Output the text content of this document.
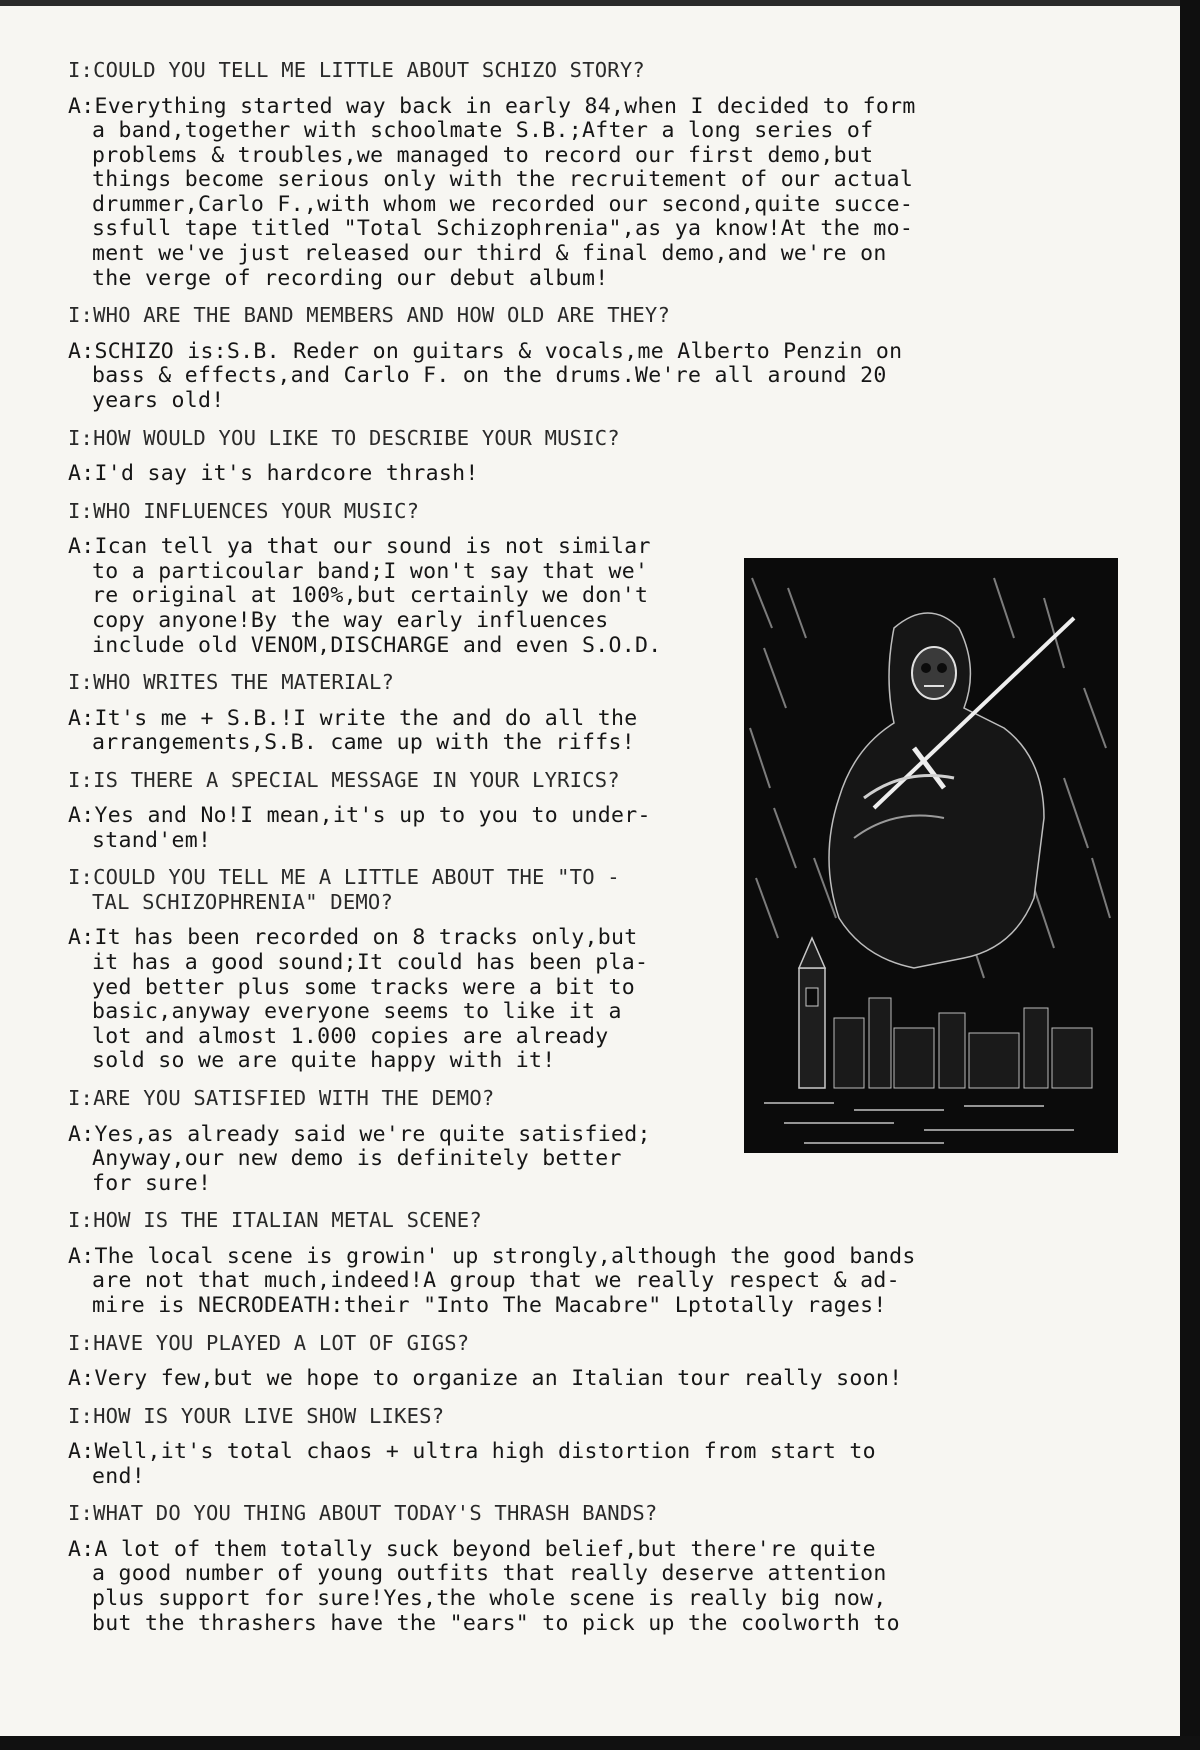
I:COULD YOU TELL ME LITTLE ABOUT SCHIZO STORY?
A:Everything started way back in early 84,when I decided to form
a band,together with schoolmate S.B.;After a long series of
problems & troubles,we managed to record our first demo,but
things become serious only with the recruitement of our actual
drummer,Carlo F.,with whom we recorded our second,quite succe-
ssfull tape titled "Total Schizophrenia",as ya know!At the mo-
ment we've just released our third & final demo,and we're on
the verge of recording our debut album!
I:WHO ARE THE BAND MEMBERS AND HOW OLD ARE THEY?
A:SCHIZO is:S.B. Reder on guitars & vocals,me Alberto Penzin on
bass & effects,and Carlo F. on the drums.We're all around 20
years old!
I:HOW WOULD YOU LIKE TO DESCRIBE YOUR MUSIC?
A:I'd say it's hardcore thrash!
I:WHO INFLUENCES YOUR MUSIC?
A:Ican tell ya that our sound is not similar
to a particoular band;I won't say that we'
re original at 100%,but certainly we don't
copy anyone!By the way early influences
include old VENOM,DISCHARGE and even S.O.D.
I:WHO WRITES THE MATERIAL?
A:It's me + S.B.!I write the and do all the
arrangements,S.B. came up with the riffs!
I:IS THERE A SPECIAL MESSAGE IN YOUR LYRICS?
A:Yes and No!I mean,it's up to you to under-
stand'em!
I:COULD YOU TELL ME A LITTLE ABOUT THE "TO -
TAL SCHIZOPHRENIA" DEMO?
A:It has been recorded on 8 tracks only,but
it has a good sound;It could has been pla-
yed better plus some tracks were a bit to
basic,anyway everyone seems to like it a
lot and almost 1.000 copies are already
sold so we are quite happy with it!
I:ARE YOU SATISFIED WITH THE DEMO?
A:Yes,as already said we're quite satisfied;
Anyway,our new demo is definitely better
for sure!
I:HOW IS THE ITALIAN METAL SCENE?
A:The local scene is growin' up strongly,although the good bands
are not that much,indeed!A group that we really respect & ad-
mire is NECRODEATH:their "Into The Macabre" Lptotally rages!
I:HAVE YOU PLAYED A LOT OF GIGS?
A:Very few,but we hope to organize an Italian tour really soon!
I:HOW IS YOUR LIVE SHOW LIKES?
A:Well,it's total chaos + ultra high distortion from start to
end!
I:WHAT DO YOU THING ABOUT TODAY'S THRASH BANDS?
A:A lot of them totally suck beyond belief,but there're quite
a good number of young outfits that really deserve attention
plus support for sure!Yes,the whole scene is really big now,
but the thrashers have the "ears" to pick up the coolworth to
